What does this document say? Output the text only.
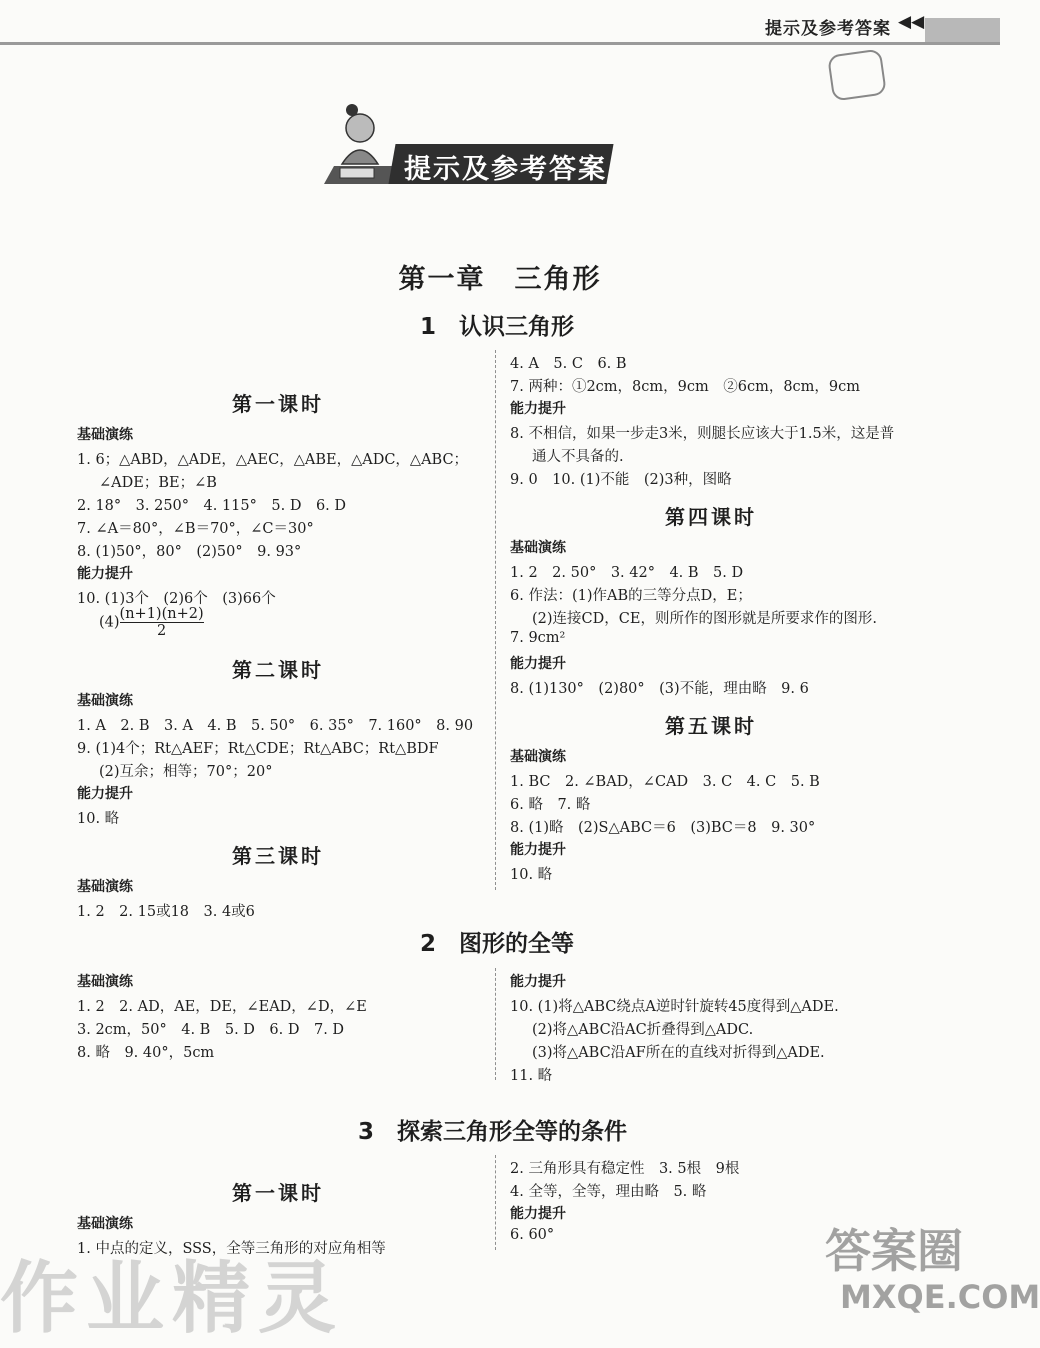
提示及参考答案 ◀◀
提示及参考答案
第一章　三角形
1　认识三角形
第一课时
基础演练
1. 6；△ABD，△ADE，△AEC，△ABE，△ADC，△ABC；
∠ADE；BE；∠B
2. 18°　3. 250°　4. 115°　5. D　6. D
7. ∠A＝80°，∠B＝70°，∠C＝30°
8. (1)50°，80°　(2)50°　9. 93°
能力提升
10. (1)3个　(2)6个　(3)66个
$(4) \frac{(n+1)(n+2)}{2}$
第二课时
基础演练
1. A　2. B　3. A　4. B　5. 50°　6. 35°　7. 160°　8. 90
9. (1)4个；Rt△AEF；Rt△CDE；Rt△ABC；Rt△BDF
(2)互余；相等；70°；20°
能力提升
10. 略
第三课时
基础演练
1. 2　2. 15或18　3. 4或6
4. A　5. C　6. B
7. 两种：①2cm，8cm，9cm　②6cm，8cm，9cm
能力提升
8. 不相信，如果一步走3米，则腿长应该大于1.5米，这是普
通人不具备的.
9. 0　10. (1)不能　(2)3种，图略
第四课时
基础演练
1. 2　2. 50°　3. 42°　4. B　5. D
6. 作法：(1)作AB的三等分点D，E；
(2)连接CD，CE，则所作的图形就是所要求作的图形.
7. 9cm²
能力提升
8. (1)130°　(2)80°　(3)不能，理由略　9. 6
第五课时
基础演练
1. BC　2. ∠BAD，∠CAD　3. C　4. C　5. B
6. 略　7. 略
8. (1)略　(2)S△ABC＝6　(3)BC＝8　9. 30°
能力提升
10. 略
2　图形的全等
基础演练
1. 2　2. AD，AE，DE，∠EAD，∠D，∠E
3. 2cm，50°　4. B　5. D　6. D　7. D
8. 略　9. 40°，5cm
能力提升
10. (1)将△ABC绕点A逆时针旋转45度得到△ADE.
(2)将△ABC沿AC折叠得到△ADC.
(3)将△ABC沿AF所在的直线对折得到△ADE.
11. 略
3　探索三角形全等的条件
第一课时
基础演练
1. 中点的定义，SSS，全等三角形的对应角相等
2. 三角形具有稳定性　3. 5根　9根
4. 全等，全等，理由略　5. 略
能力提升
6. 60°
作业精灵
答案圈
MXQE.COM
